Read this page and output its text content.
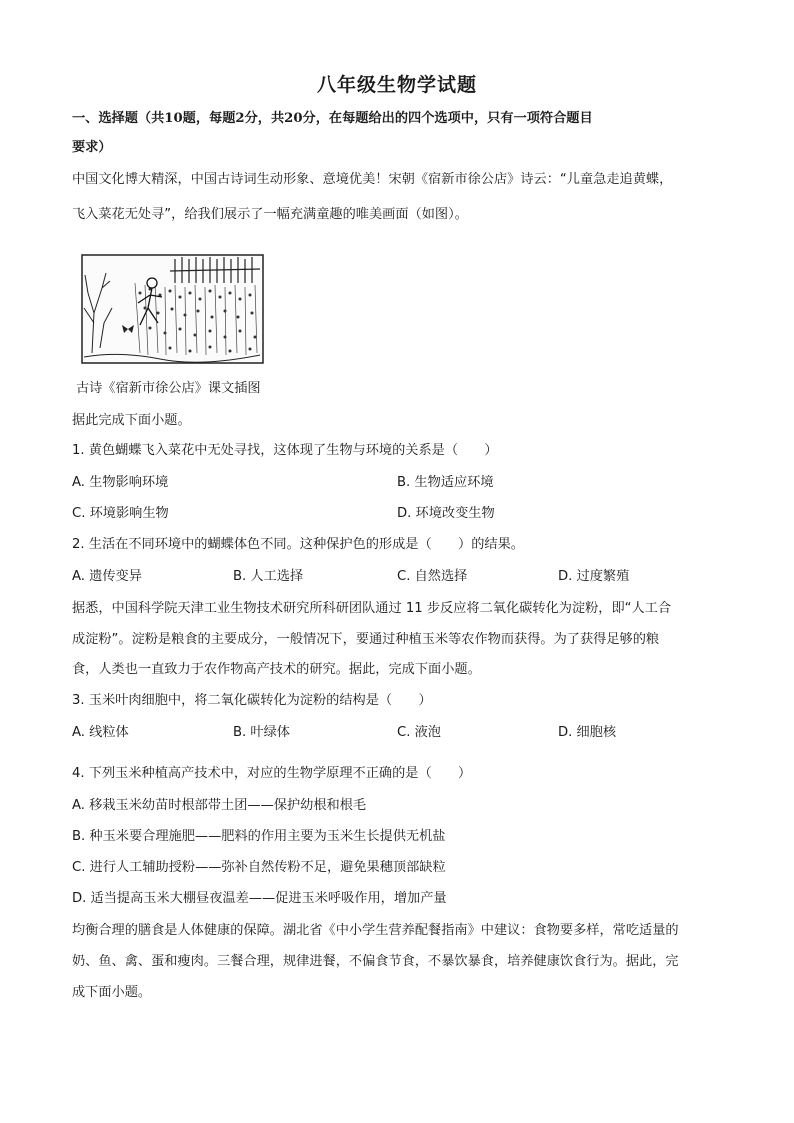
八年级生物学试题
一、选择题（共10题，每题2分，共20分，在每题给出的四个选项中，只有一项符合题目
要求）
中国文化博大精深，中国古诗词生动形象、意境优美！宋朝《宿新市徐公店》诗云：“儿童急走追黄蝶，
飞入菜花无处寻”，给我们展示了一幅充满童趣的唯美画面（如图）。
古诗《宿新市徐公店》课文插图
据此完成下面小题。
1. 黄色蝴蝶飞入菜花中无处寻找，这体现了生物与环境的关系是（　　）
A. 生物影响环境	B. 生物适应环境
C. 环境影响生物	D. 环境改变生物
2. 生活在不同环境中的蝴蝶体色不同。这种保护色的形成是（　　）的结果。
A. 遗传变异	B. 人工选择	C. 自然选择	D. 过度繁殖
据悉，中国科学院天津工业生物技术研究所科研团队通过 11 步反应将二氧化碳转化为淀粉，即“人工合
成淀粉”。淀粉是粮食的主要成分，一般情况下，要通过种植玉米等农作物而获得。为了获得足够的粮
食，人类也一直致力于农作物高产技术的研究。据此，完成下面小题。
3. 玉米叶肉细胞中，将二氧化碳转化为淀粉的结构是（　　）
A. 线粒体	B. 叶绿体	C. 液泡	D. 细胞核
4. 下列玉米种植高产技术中，对应的生物学原理不正确的是（　　）
A. 移栽玉米幼苗时根部带土团——保护幼根和根毛
B. 种玉米要合理施肥——肥料的作用主要为玉米生长提供无机盐
C. 进行人工辅助授粉——弥补自然传粉不足，避免果穗顶部缺粒
D. 适当提高玉米大棚昼夜温差——促进玉米呼吸作用，增加产量
均衡合理的膳食是人体健康的保障。湖北省《中小学生营养配餐指南》中建议：食物要多样，常吃适量的
奶、鱼、禽、蛋和瘦肉。三餐合理，规律进餐，不偏食节食，不暴饮暴食，培养健康饮食行为。据此，完
成下面小题。
